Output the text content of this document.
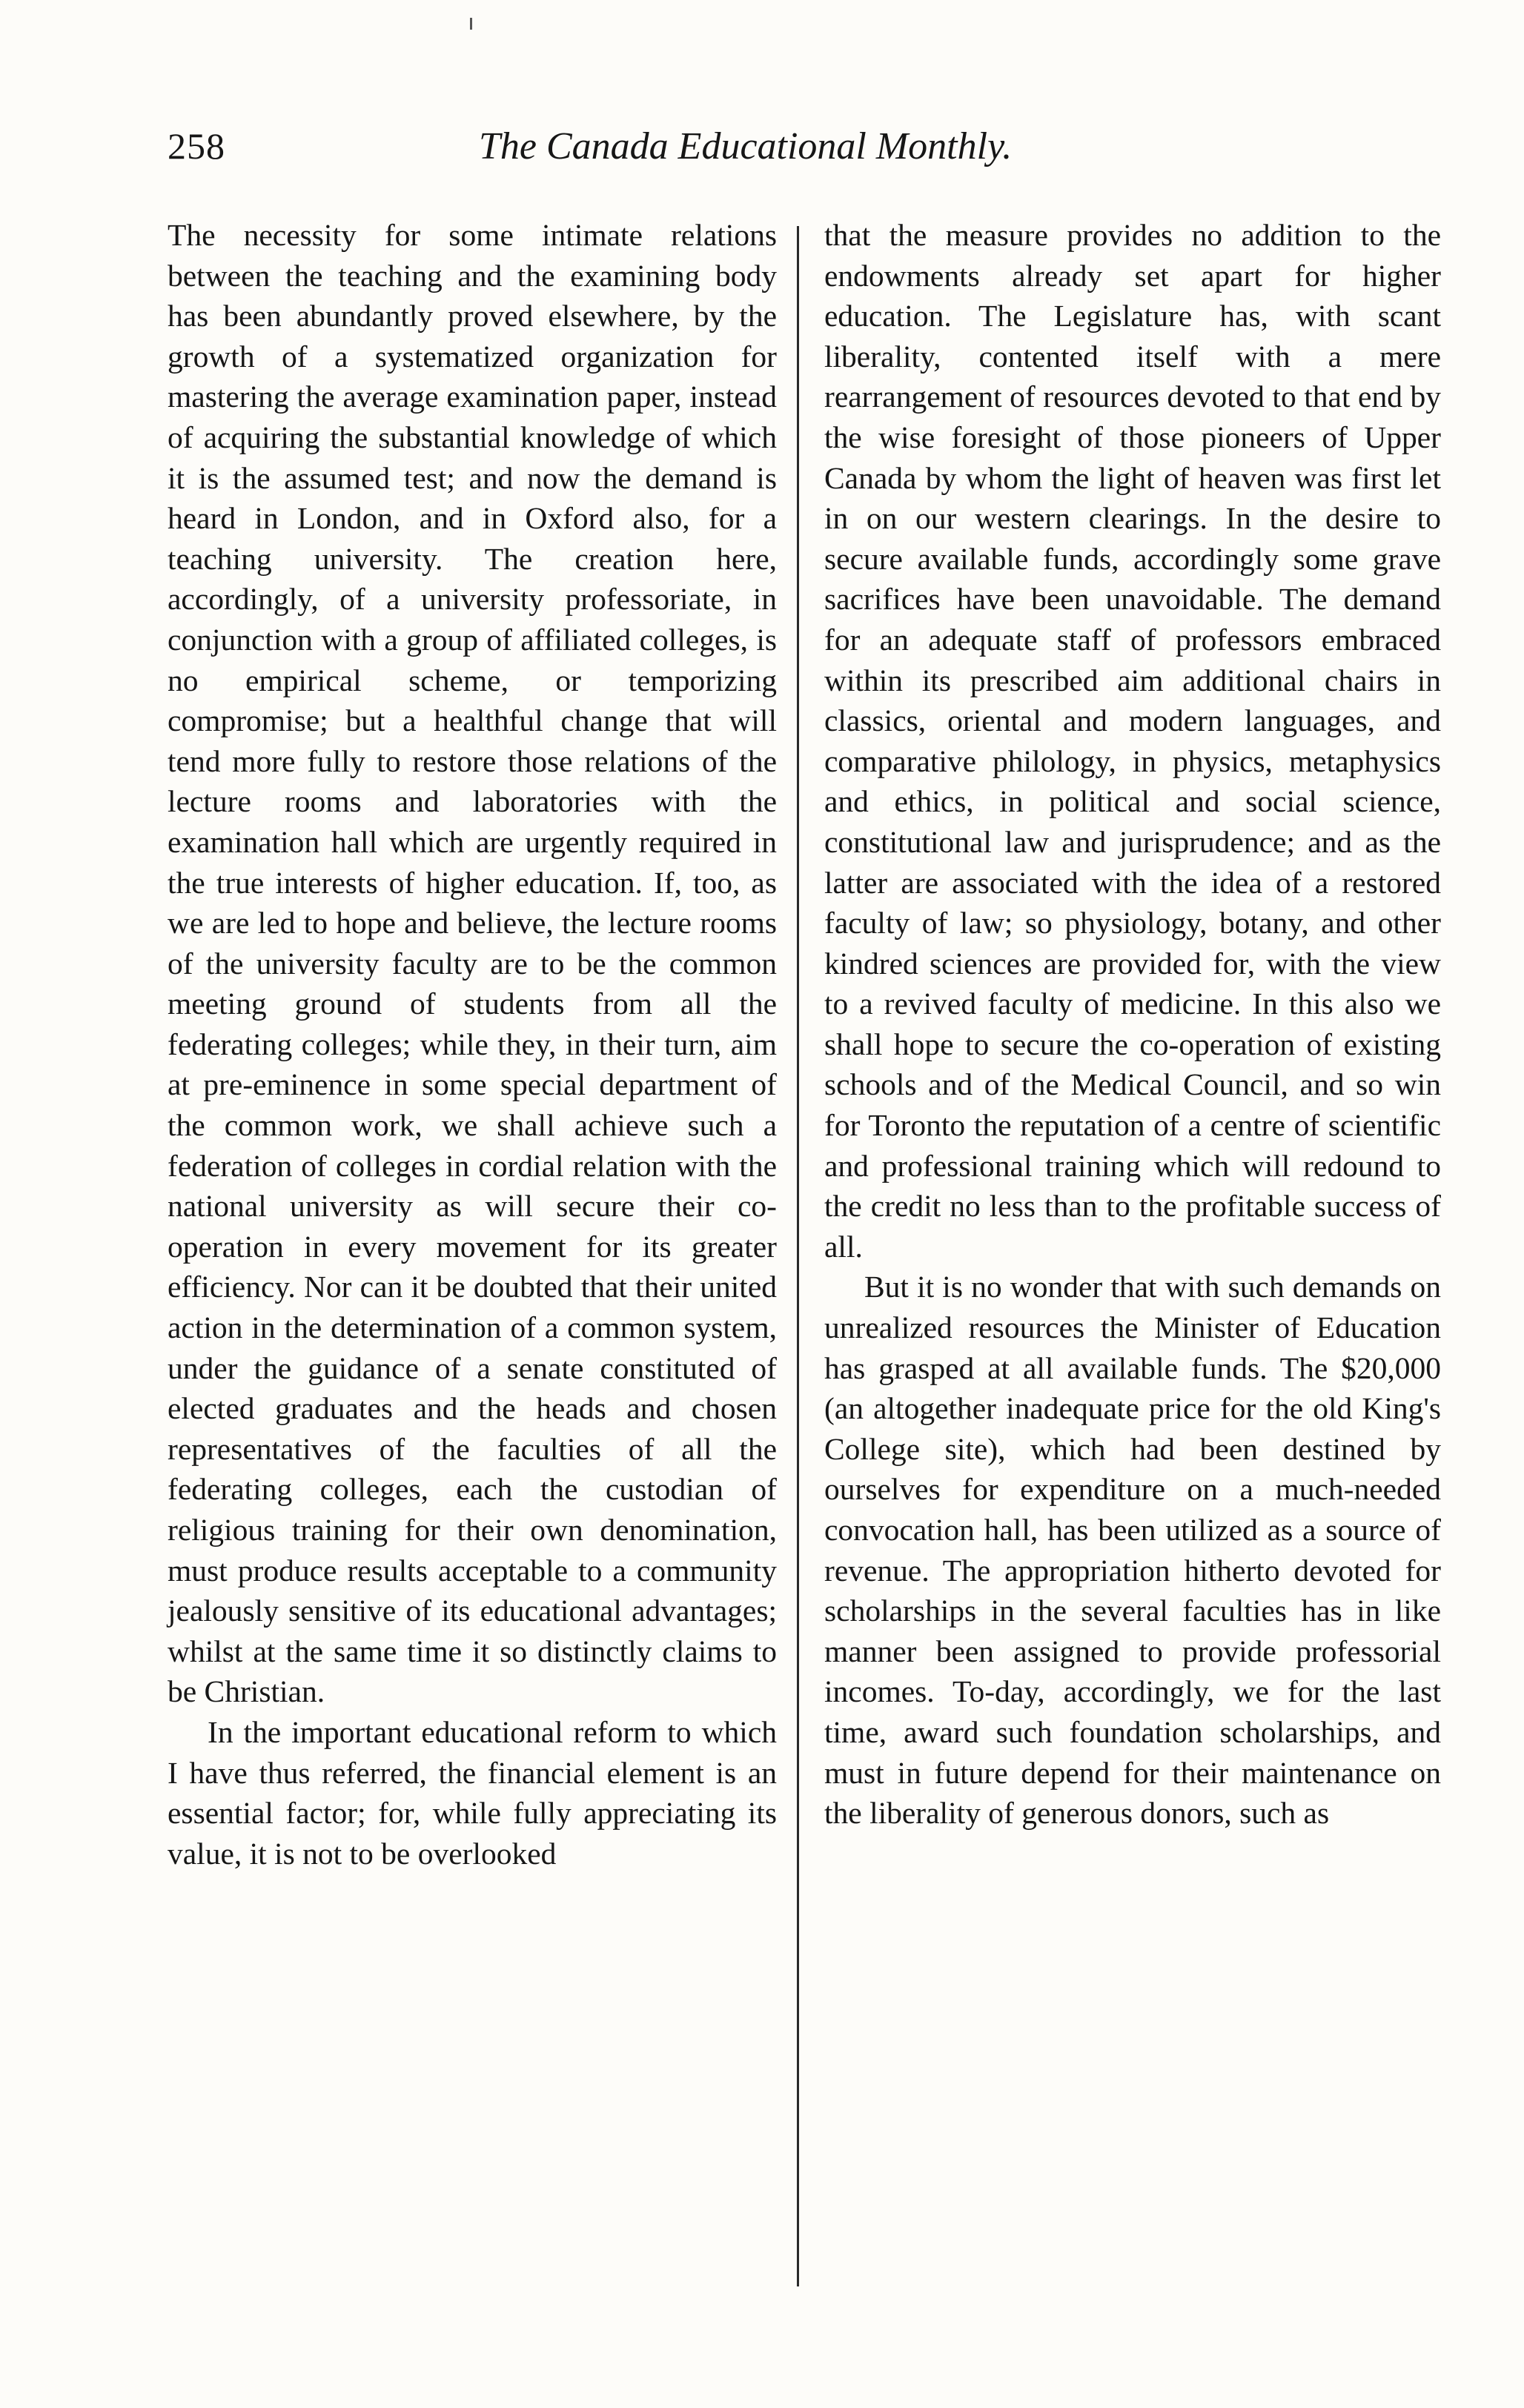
258	The Canada Educational Monthly.

The necessity for some intimate relations between the teaching and the examining body has been abundantly proved elsewhere, by the growth of a systematized organization for mastering the average examination paper, instead of acquiring the substantial knowledge of which it is the assumed test; and now the demand is heard in London, and in Oxford also, for a teaching university. The creation here, accordingly, of a university professoriate, in conjunction with a group of affiliated colleges, is no empirical scheme, or temporizing compromise; but a healthful change that will tend more fully to restore those relations of the lecture rooms and laboratories with the examination hall which are urgently required in the true interests of higher education. If, too, as we are led to hope and believe, the lecture rooms of the university faculty are to be the common meeting ground of students from all the federating colleges; while they, in their turn, aim at pre-eminence in some special department of the common work, we shall achieve such a federation of colleges in cordial relation with the national university as will secure their co-operation in every movement for its greater efficiency. Nor can it be doubted that their united action in the determination of a common system, under the guidance of a senate constituted of elected graduates and the heads and chosen representatives of the faculties of all the federating colleges, each the custodian of religious training for their own denomination, must produce results acceptable to a community jealously sensitive of its educational advantages; whilst at the same time it so distinctly claims to be Christian.

In the important educational reform to which I have thus referred, the financial element is an essential factor; for, while fully appreciating its value, it is not to be overlooked

that the measure provides no addition to the endowments already set apart for higher education. The Legislature has, with scant liberality, contented itself with a mere rearrangement of resources devoted to that end by the wise foresight of those pioneers of Upper Canada by whom the light of heaven was first let in on our western clearings. In the desire to secure available funds, accordingly some grave sacrifices have been unavoidable. The demand for an adequate staff of professors embraced within its prescribed aim additional chairs in classics, oriental and modern languages, and comparative philology, in physics, metaphysics and ethics, in political and social science, constitutional law and jurisprudence; and as the latter are associated with the idea of a restored faculty of law; so physiology, botany, and other kindred sciences are provided for, with the view to a revived faculty of medicine. In this also we shall hope to secure the co-operation of existing schools and of the Medical Council, and so win for Toronto the reputation of a centre of scientific and professional training which will redound to the credit no less than to the profitable success of all.

But it is no wonder that with such demands on unrealized resources the Minister of Education has grasped at all available funds. The $20,000 (an altogether inadequate price for the old King's College site), which had been destined by ourselves for expenditure on a much-needed convocation hall, has been utilized as a source of revenue. The appropriation hitherto devoted for scholarships in the several faculties has in like manner been assigned to provide professorial incomes. To-day, accordingly, we for the last time, award such foundation scholarships, and must in future depend for their maintenance on the liberality of generous donors, such as
